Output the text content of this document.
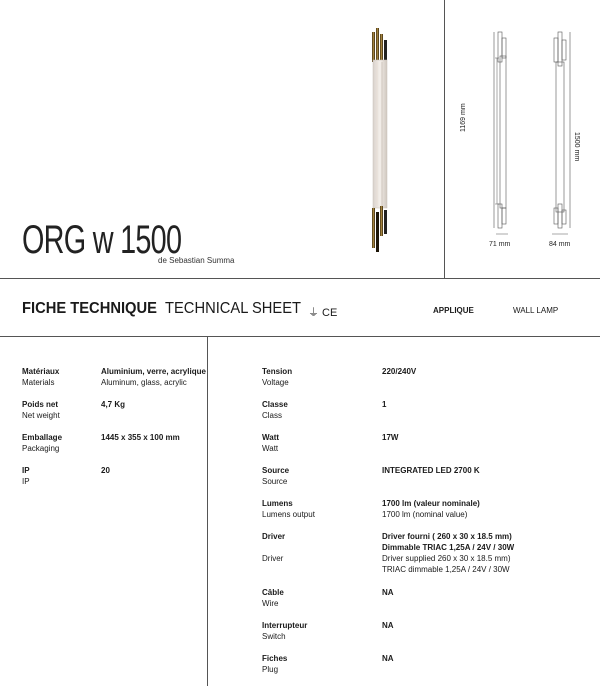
1169 mm
71 mm
1500 mm
84 mm
ORG w 1500
de Sebastian Summa
FICHE TECHNIQUE TECHNICAL SHEET ⏚ CE	APPLIQUE	WALL LAMP
Matériaux
Materials
Aluminium, verre, acrylique
Aluminum, glass, acrylic
Poids net
Net weight
4,7 Kg
Emballage
Packaging
1445 x 355 x 100 mm
IP
IP
20
Tension
Voltage
220/240V
Classe
Class
1
Watt
Watt
17W
Source
Source
INTEGRATED LED 2700 K
Lumens
Lumens output
1700 lm (valeur nominale)
1700 lm (nominal value)
Driver
Driver
Driver fourni ( 260 x 30 x 18.5 mm)
Dimmable TRIAC 1,25A / 24V / 30W
Driver supplied 260 x 30 x 18.5 mm)
TRIAC dimmable 1,25A / 24V / 30W
Câble
Wire
NA
Interrupteur
Switch
NA
Fiches
Plug
NA
